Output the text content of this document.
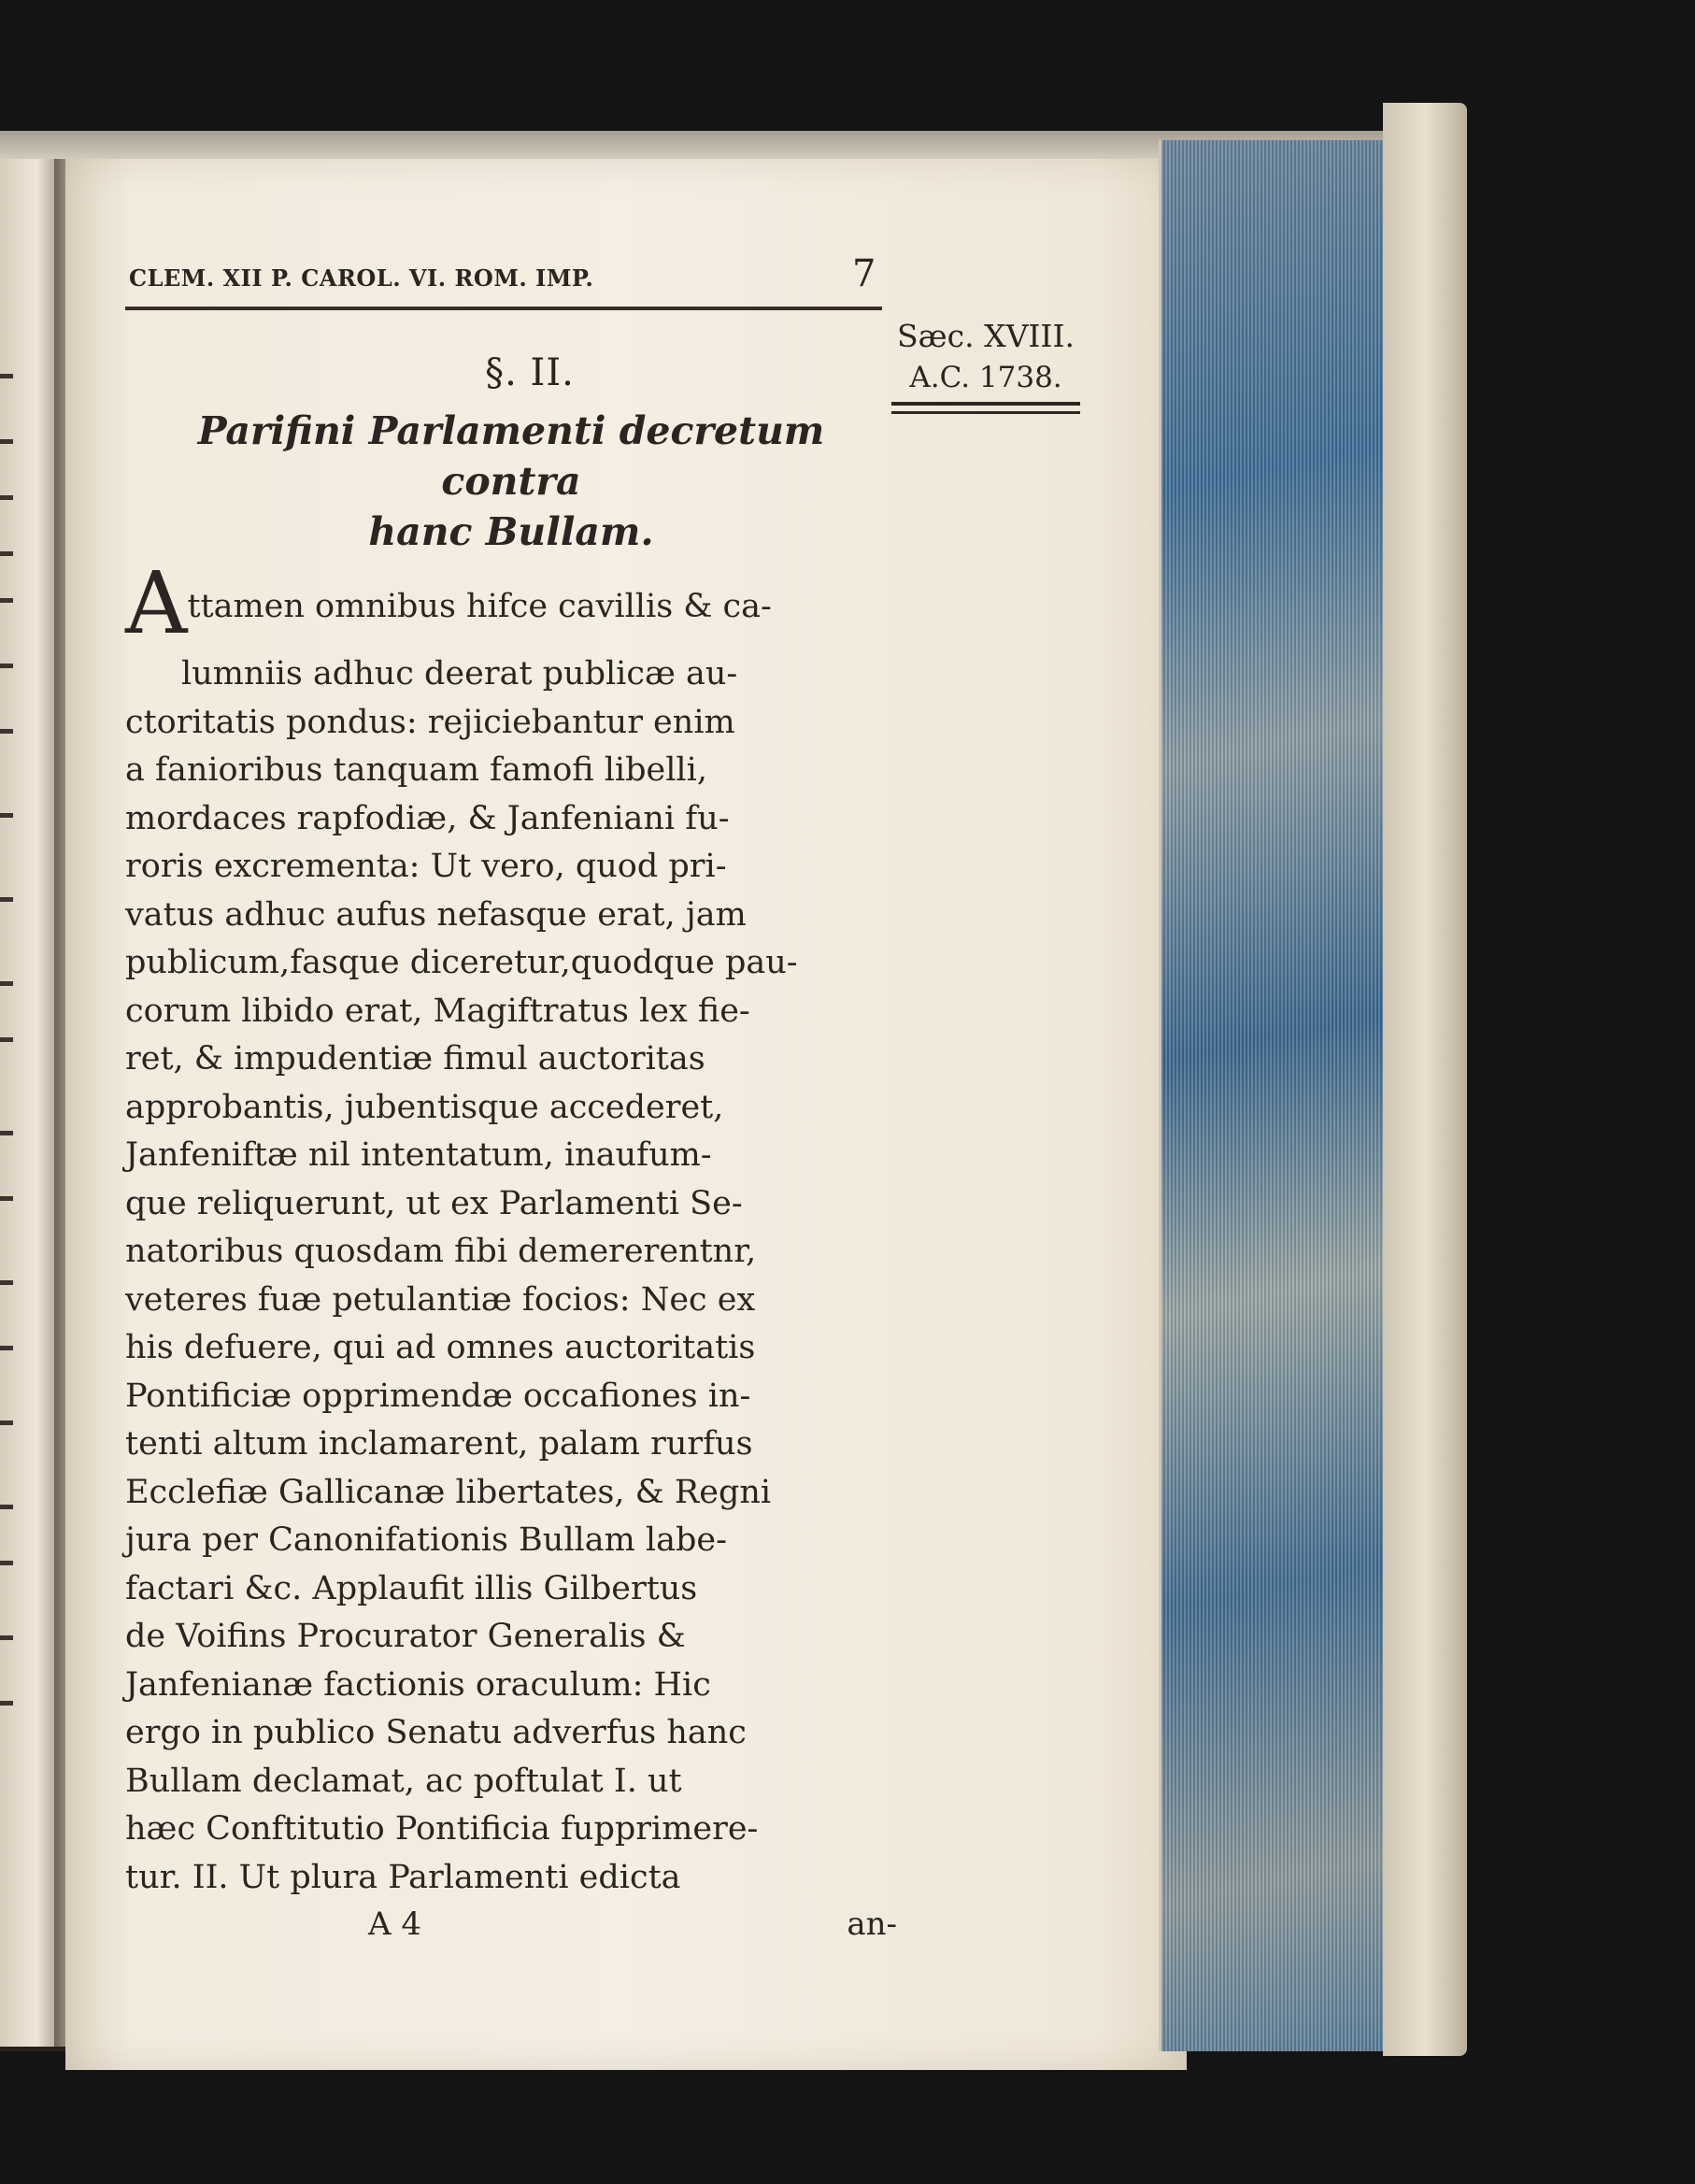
CLEM. XII P. CAROL. VI. ROM. IMP.	7
§. II.
Parifini Parlamenti decretum contra
hanc Bullam.
A ttamen omnibus hifce cavillis & ca-
lumniis adhuc deerat publicæ au-
ctoritatis pondus: rejiciebantur enim
a fanioribus tanquam famofi libelli,
mordaces rapfodiæ, & Janfeniani fu-
roris excrementa: Ut vero, quod pri-
vatus adhuc aufus nefasque erat, jam
publicum,fasque diceretur,quodque pau-
corum libido erat, Magiftratus lex fie-
ret, & impudentiæ fimul auctoritas
approbantis, jubentisque accederet,
Janfeniftæ nil intentatum, inaufum-
que reliquerunt, ut ex Parlamenti Se-
natoribus quosdam fibi demererentnr,
veteres fuæ petulantiæ focios: Nec ex
his defuere, qui ad omnes auctoritatis
Pontificiæ opprimendæ occafiones in-
tenti altum inclamarent, palam rurfus
Ecclefiæ Gallicanæ libertates, & Regni
jura per Canonifationis Bullam labe-
factari &c. Applaufit illis Gilbertus
de Voifins Procurator Generalis &
Janfenianæ factionis oraculum: Hic
ergo in publico Senatu adverfus hanc
Bullam declamat, ac poftulat I. ut
hæc Conftitutio Pontificia fupprimere-
tur. II. Ut plura Parlamenti edicta
A 4	an-
Sæc. XVIII.
A.C. 1738.
